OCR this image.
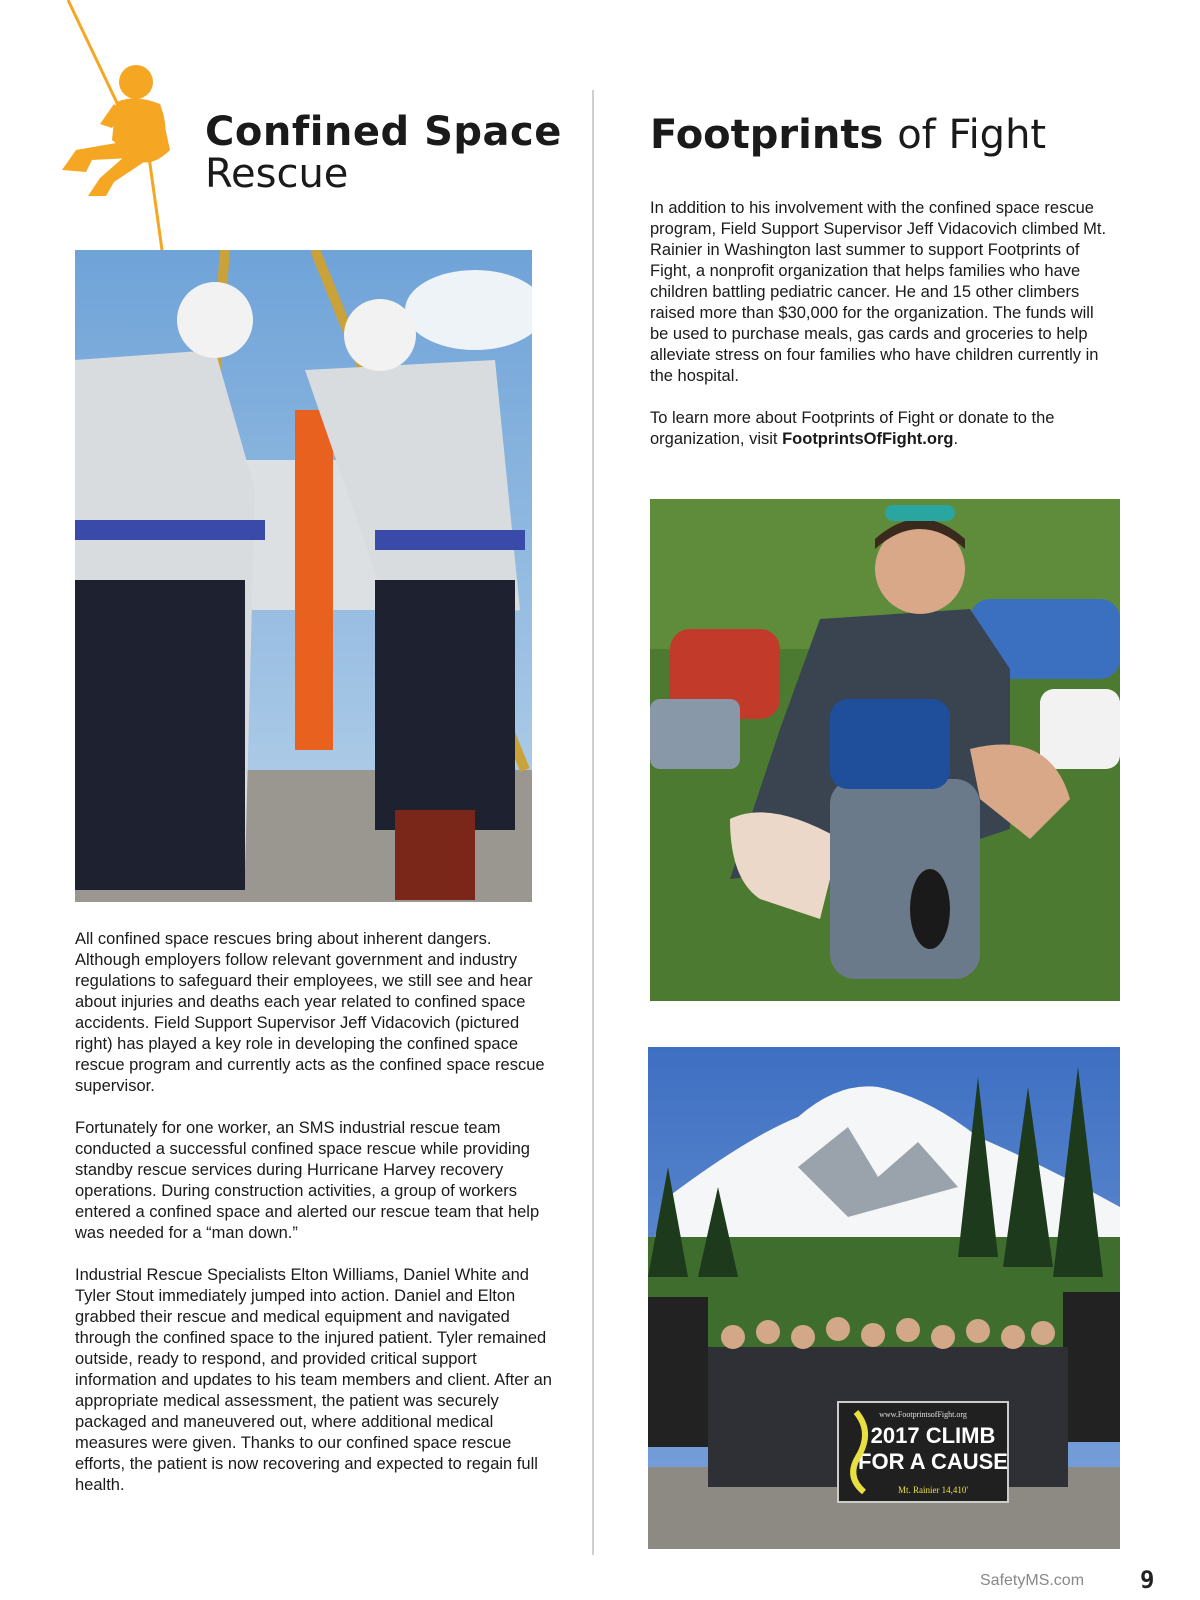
Confined Space
Rescue
Footprints of Fight
www.FootprintsofFight.org
2017 CLIMB
FOR A CAUSE
Mt. Rainier 14,410'

All confined space rescues bring about inherent dangers. Although employers follow relevant government and industry regulations to safeguard their employees, we still see and hear about injuries and deaths each year related to confined space accidents. Field Support Supervisor Jeff Vidacovich (pictured right) has played a key role in developing the confined space rescue program and currently acts as the confined space rescue supervisor.

Fortunately for one worker, an SMS industrial rescue team conducted a successful confined space rescue while providing standby rescue services during Hurricane Harvey recovery operations. During construction activities, a group of workers entered a confined space and alerted our rescue team that help was needed for a “man down.”

Industrial Rescue Specialists Elton Williams, Daniel White and Tyler Stout immediately jumped into action. Daniel and Elton grabbed their rescue and medical equipment and navigated through the confined space to the injured patient. Tyler remained outside, ready to respond, and provided critical support information and updates to his team members and client. After an appropriate medical assessment, the patient was securely packaged and maneuvered out, where additional medical measures were given. Thanks to our confined space rescue efforts, the patient is now recovering and expected to regain full health.

In addition to his involvement with the confined space rescue program, Field Support Supervisor Jeff Vidacovich climbed Mt. Rainier in Washington last summer to support Footprints of Fight, a nonprofit organization that helps families who have children battling pediatric cancer. He and 15 other climbers raised more than $30,000 for the organization. The funds will be used to purchase meals, gas cards and groceries to help alleviate stress on four families who have children currently in the hospital.

To learn more about Footprints of Fight or donate to the organization, visit FootprintsOfFight.org.

SafetyMS.com 9
